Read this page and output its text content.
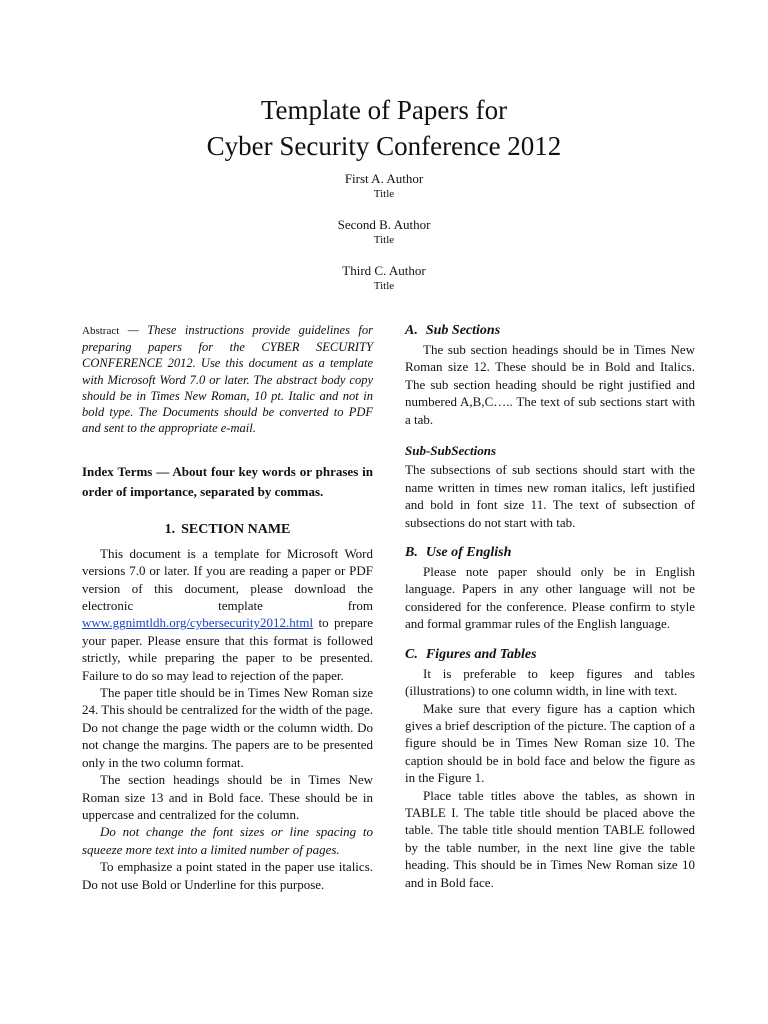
Template of Papers for
Cyber Security Conference 2012
First A. Author
Title
Second B. Author
Title
Third C. Author
Title

Abstract — These instructions provide guidelines for preparing papers for the CYBER SECURITY CONFERENCE 2012. Use this document as a template with Microsoft Word 7.0 or later. The abstract body copy should be in Times New Roman, 10 pt. Italic and not in bold type. The Documents should be converted to PDF and sent to the appropriate e-mail.

Index Terms — About four key words or phrases in order of importance, separated by commas.

1. SECTION NAME

This document is a template for Microsoft Word versions 7.0 or later. If you are reading a paper or PDF version of this document, please download the electronic template from www.ggnimtldh.org/cybersecurity2012.html to prepare your paper. Please ensure that this format is followed strictly, while preparing the paper to be presented. Failure to do so may lead to rejection of the paper.

The paper title should be in Times New Roman size 24. This should be centralized for the width of the page. Do not change the page width or the column width. Do not change the margins. The papers are to be presented only in the two column format.

The section headings should be in Times New Roman size 13 and in Bold face. These should be in uppercase and centralized for the column.

Do not change the font sizes or line spacing to squeeze more text into a limited number of pages.

To emphasize a point stated in the paper use italics. Do not use Bold or Underline for this purpose.

A. Sub Sections

The sub section headings should be in Times New Roman size 12. These should be in Bold and Italics. The sub section heading should be right justified and numbered A,B,C….. The text of sub sections start with a tab.

Sub-SubSections

The subsections of sub sections should start with the name written in times new roman italics, left justified and bold in font size 11. The text of subsection of subsections do not start with tab.

B. Use of English

Please note paper should only be in English language. Papers in any other language will not be considered for the conference. Please confirm to style and formal grammar rules of the English language.

C. Figures and Tables

It is preferable to keep figures and tables (illustrations) to one column width, in line with text.

Make sure that every figure has a caption which gives a brief description of the picture. The caption of a figure should be in Times New Roman size 10. The caption should be in bold face and below the figure as in the Figure 1.

Place table titles above the tables, as shown in TABLE I. The table title should be placed above the table. The table title should mention TABLE followed by the table number, in the next line give the table heading. This should be in Times New Roman size 10 and in Bold face.
